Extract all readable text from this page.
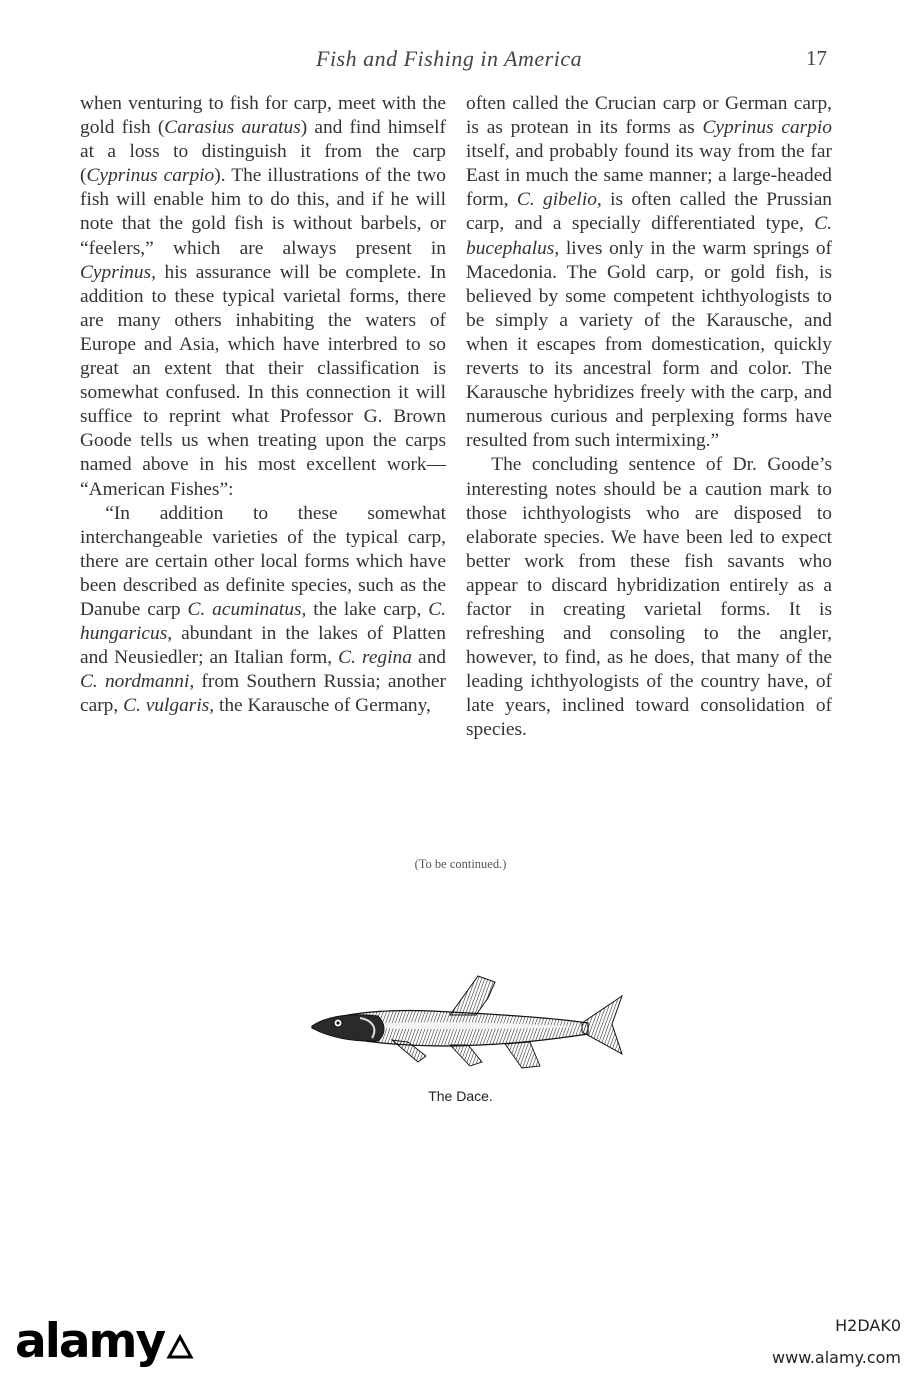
Fish and Fishing in America	17

when venturing to fish for carp, meet with the gold fish (Carasius auratus) and find himself at a loss to distinguish it from the carp (Cyprinus carpio). The illustrations of the two fish will enable him to do this, and if he will note that the gold fish is without barbels, or “feelers,” which are always present in Cyprinus, his assurance will be complete. In addition to these typical varietal forms, there are many others inhabiting the waters of Europe and Asia, which have interbred to so great an extent that their classification is somewhat confused. In this connection it will suffice to reprint what Professor G. Brown Goode tells us when treating upon the carps named above in his most excellent work— “American Fishes”:

“In addition to these somewhat interchangeable varieties of the typical carp, there are certain other local forms which have been described as definite species, such as the Danube carp C. acuminatus, the lake carp, C. hungaricus, abundant in the lakes of Platten and Neusiedler; an Italian form, C. regina and C. nordmanni, from Southern Russia; another carp, C. vulgaris, the Karausche of Germany,

often called the Crucian carp or German carp, is as protean in its forms as Cyprinus carpio itself, and probably found its way from the far East in much the same manner; a large-headed form, C. gibelio, is often called the Prussian carp, and a specially differentiated type, C. bucephalus, lives only in the warm springs of Macedonia. The Gold carp, or gold fish, is believed by some competent ichthyologists to be simply a variety of the Karausche, and when it escapes from domestication, quickly reverts to its ancestral form and color. The Karausche hybridizes freely with the carp, and numerous curious and perplexing forms have resulted from such intermixing.”

The concluding sentence of Dr. Goode’s interesting notes should be a caution mark to those ichthyologists who are disposed to elaborate species. We have been led to expect better work from these fish savants who appear to discard hybridization entirely as a factor in creating varietal forms. It is refreshing and consoling to the angler, however, to find, as he does, that many of the leading ichthyologists of the country have, of late years, inclined toward consolidation of species.

(To be continued.)
The Dace.
alamy	H2DAK0
www.alamy.com
